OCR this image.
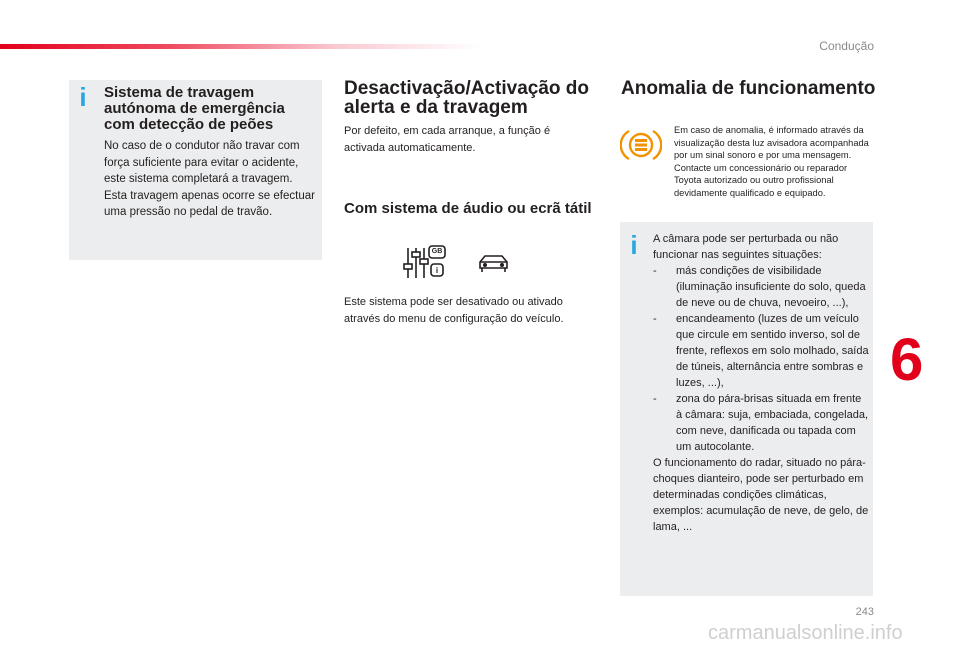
Condução
6
243
i Sistema de travagem autónoma de emergência com detecção de peões
No caso de o condutor não travar com força suficiente para evitar o acidente, este sistema completará a travagem. Esta travagem apenas ocorre se efectuar uma pressão no pedal de travão.
Desactivação/Activação do alerta e da travagem
Por defeito, em cada arranque, a função é activada automaticamente.
Com sistema de áudio ou ecrã tátil
GB
i
Este sistema pode ser desativado ou ativado através do menu de configuração do veículo.
Anomalia de funcionamento
Em caso de anomalia, é informado através da visualização desta luz avisadora acompanhada por um sinal sonoro e por uma mensagem.
Contacte um concessionário ou reparador Toyota autorizado ou outro profissional devidamente qualificado e equipado.
i A câmara pode ser perturbada ou não funcionar nas seguintes situações:

-	más condições de visibilidade (iluminação insuficiente do solo, queda de neve ou de chuva, nevoeiro, ...),
-	encandeamento (luzes de um veículo que circule em sentido inverso, sol de frente, reflexos em solo molhado, saída de túneis, alternância entre sombras e luzes, ...),
-	zona do pára-brisas situada em frente à câmara: suja, embaciada, congelada, com neve, danificada ou tapada com um autocolante.

O funcionamento do radar, situado no pára-choques dianteiro, pode ser perturbado em determinadas condições climáticas, exemplos: acumulação de neve, de gelo, de lama, ...

carmanualsonline.info
